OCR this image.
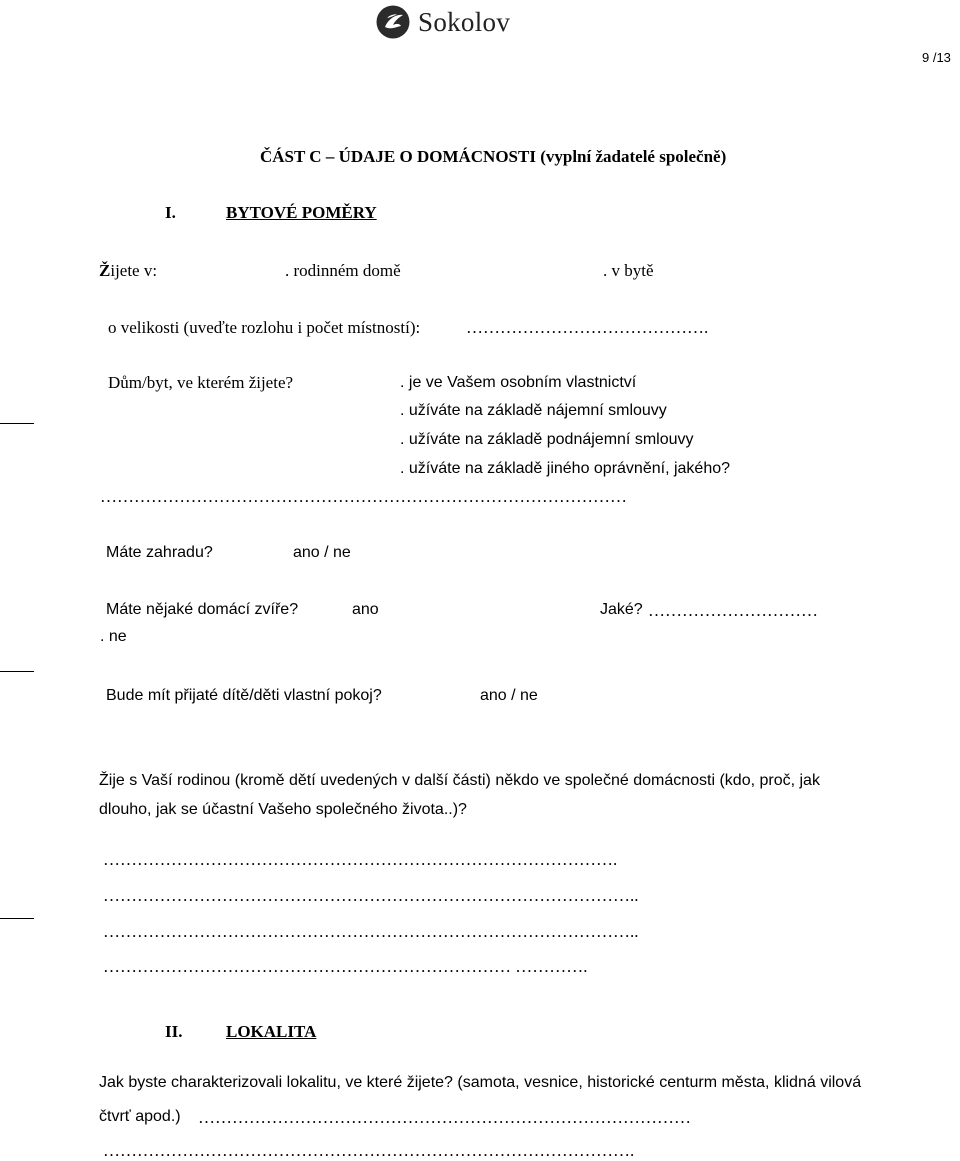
Sokolov
9 /13
ČÁST C – ÚDAJE O DOMÁCNOSTI (vyplní žadatelé společně)
I.	BYTOVÉ POMĚRY
Žijete v:	. rodinném domě	. v bytě
o velikosti (uveďte rozlohu i počet místností):	…………………………………….
Dům/byt, ve kterém žijete?	. je ve Vašem osobním vlastnictví
. užíváte na základě nájemní smlouvy
. užíváte na základě podnájemní smlouvy
. užíváte na základě jiného oprávnění, jakého?
…………………………………………………………………………………
Máte zahradu?	ano / ne
Máte nějaké domácí zvíře?	ano	Jaké? …………………………
. ne
Bude mít přijaté dítě/děti vlastní pokoj?	ano / ne
Žije s Vaší rodinou (kromě dětí uvedených v další části) někdo ve společné domácnosti (kdo, proč, jak
dlouho, jak se účastní Vašeho společného života..)?
……………………………………………………………………………….
…………………………………………………………………………………..
…………………………………………………………………………………..
……………………………………………………………… ………….
II.	LOKALITA
Jak byste charakterizovali lokalitu, ve které žijete? (samota, vesnice, historické centurm města, klidná vilová
čtvrť apod.) ……………………………………………………………………………
………………………………………………………………………………….
